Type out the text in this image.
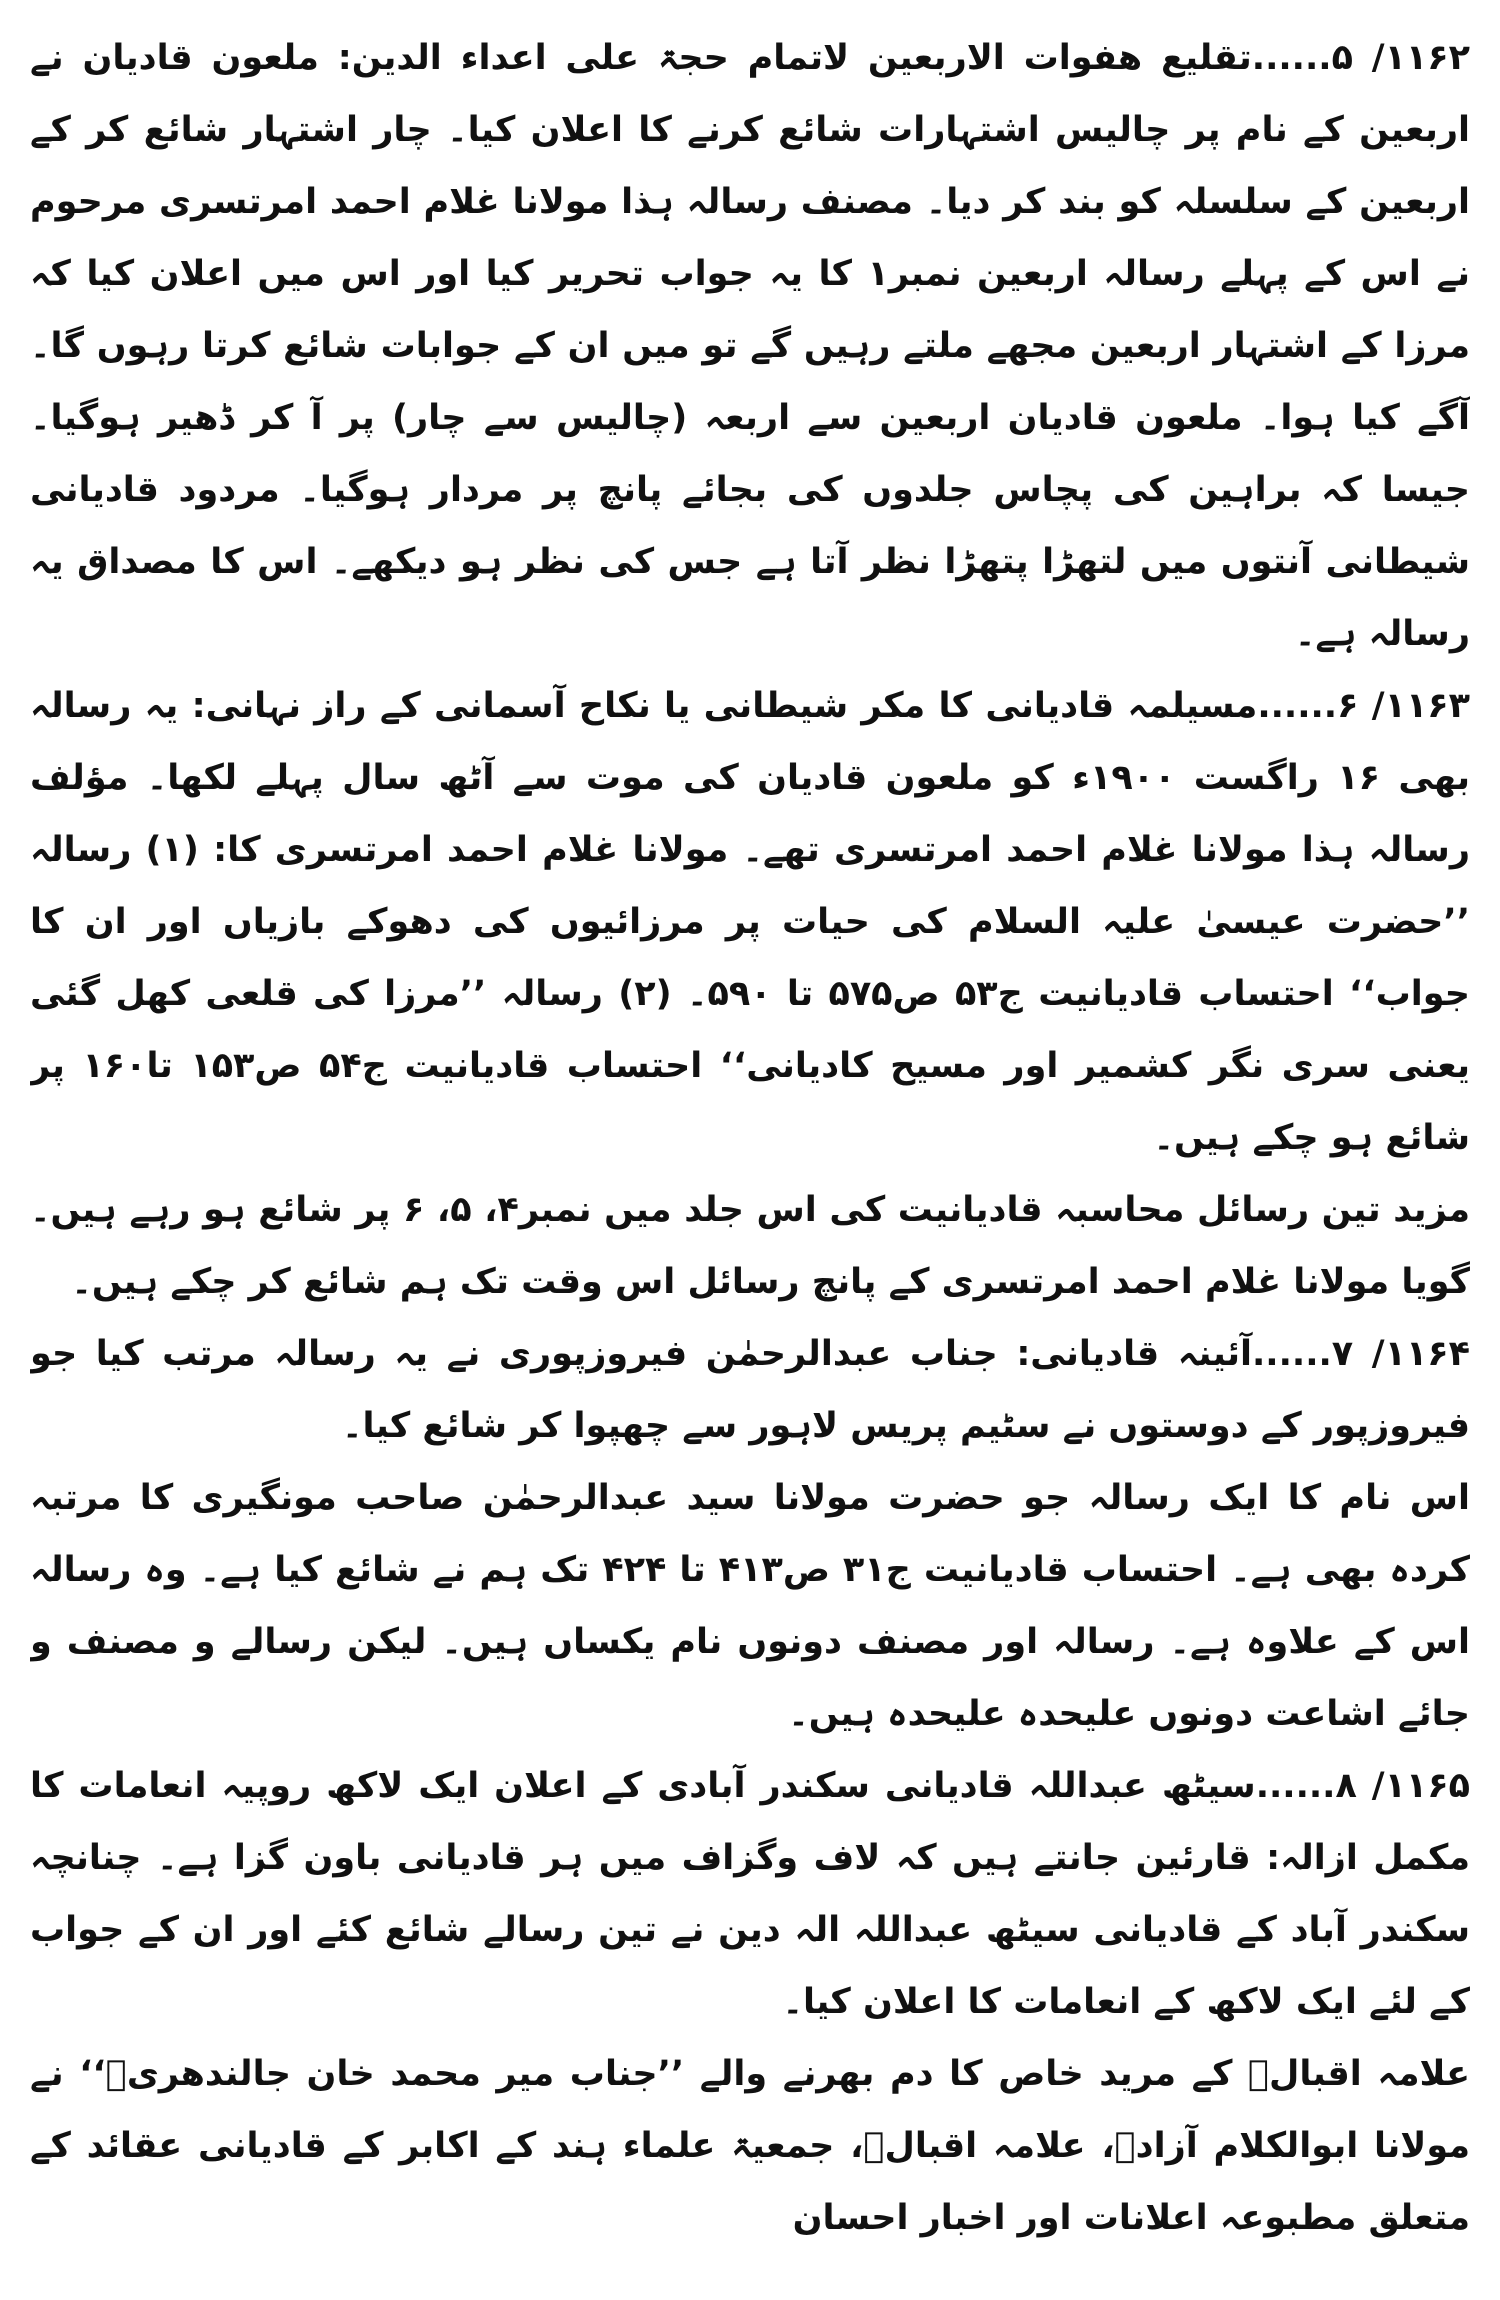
۱۱۶۲/ ۵......تقلیع هفوات الاربعین لاتمام حجۃ علی اعداء الدین: ملعون قادیان نے اربعین کے نام پر چالیس اشتہارات شائع کرنے کا اعلان کیا۔ چار اشتہار شائع کر کے اربعین کے سلسلہ کو بند کر دیا۔ مصنف رسالہ ہذا مولانا غلام احمد امرتسری مرحوم نے اس کے پہلے رسالہ اربعین نمبر۱ کا یہ جواب تحریر کیا اور اس میں اعلان کیا کہ مرزا کے اشتہار اربعین مجھے ملتے رہیں گے تو میں ان کے جوابات شائع کرتا رہوں گا۔ آگے کیا ہوا۔ ملعون قادیان اربعین سے اربعہ (چالیس سے چار) پر آ کر ڈھیر ہوگیا۔ جیسا کہ براہین کی پچاس جلدوں کی بجائے پانچ پر مردار ہوگیا۔ مردود قادیانی شیطانی آنتوں میں لتھڑا پتھڑا نظر آتا ہے جس کی نظر ہو دیکھے۔ اس کا مصداق یہ رسالہ ہے۔

۱۱۶۳/ ۶......مسیلمہ قادیانی کا مکر شیطانی یا نکاح آسمانی کے راز نہانی: یہ رسالہ بھی ۱۶ راگست ۱۹۰۰ء کو ملعون قادیان کی موت سے آٹھ سال پہلے لکھا۔ مؤلف رسالہ ہذا مولانا غلام احمد امرتسری تھے۔ مولانا غلام احمد امرتسری کا: (۱) رسالہ ’’حضرت عیسیٰ علیہ السلام کی حیات پر مرزائیوں کی دھوکے بازیاں اور ان کا جواب‘‘ احتساب قادیانیت ج۵۳ ص۵۷۵ تا ۵۹۰۔ (۲) رسالہ ’’مرزا کی قلعی کھل گئی یعنی سری نگر کشمیر اور مسیح کادیانی‘‘ احتساب قادیانیت ج۵۴ ص۱۵۳ تا۱۶۰ پر شائع ہو چکے ہیں۔

مزید تین رسائل محاسبہ قادیانیت کی اس جلد میں نمبر۴، ۵، ۶ پر شائع ہو رہے ہیں۔ گویا مولانا غلام احمد امرتسری کے پانچ رسائل اس وقت تک ہم شائع کر چکے ہیں۔

۱۱۶۴/ ۷......آئینہ قادیانی: جناب عبدالرحمٰن فیروزپوری نے یہ رسالہ مرتب کیا جو فیروزپور کے دوستوں نے سٹیم پریس لاہور سے چھپوا کر شائع کیا۔

اس نام کا ایک رسالہ جو حضرت مولانا سید عبدالرحمٰن صاحب مونگیری کا مرتبہ کردہ بھی ہے۔ احتساب قادیانیت ج۳۱ ص۴۱۳ تا ۴۲۴ تک ہم نے شائع کیا ہے۔ وہ رسالہ اس کے علاوہ ہے۔ رسالہ اور مصنف دونوں نام یکساں ہیں۔ لیکن رسالے و مصنف و جائے اشاعت دونوں علیحدہ علیحدہ ہیں۔

۱۱۶۵/ ۸......سیٹھ عبداللہ قادیانی سکندر آبادی کے اعلان ایک لاکھ روپیہ انعامات کا مکمل ازالہ: قارئین جانتے ہیں کہ لاف وگزاف میں ہر قادیانی باون گزا ہے۔ چنانچہ سکندر آباد کے قادیانی سیٹھ عبداللہ الہ دین نے تین رسالے شائع کئے اور ان کے جواب کے لئے ایک لاکھ کے انعامات کا اعلان کیا۔

علامہ اقبالؒ کے مرید خاص کا دم بھرنے والے ’’جناب میر محمد خان جالندھریؒ‘‘ نے مولانا ابوالکلام آزادؒ، علامہ اقبالؒ، جمعیۃ علماء ہند کے اکابر کے قادیانی عقائد کے متعلق مطبوعہ اعلانات اور اخبار احسان
